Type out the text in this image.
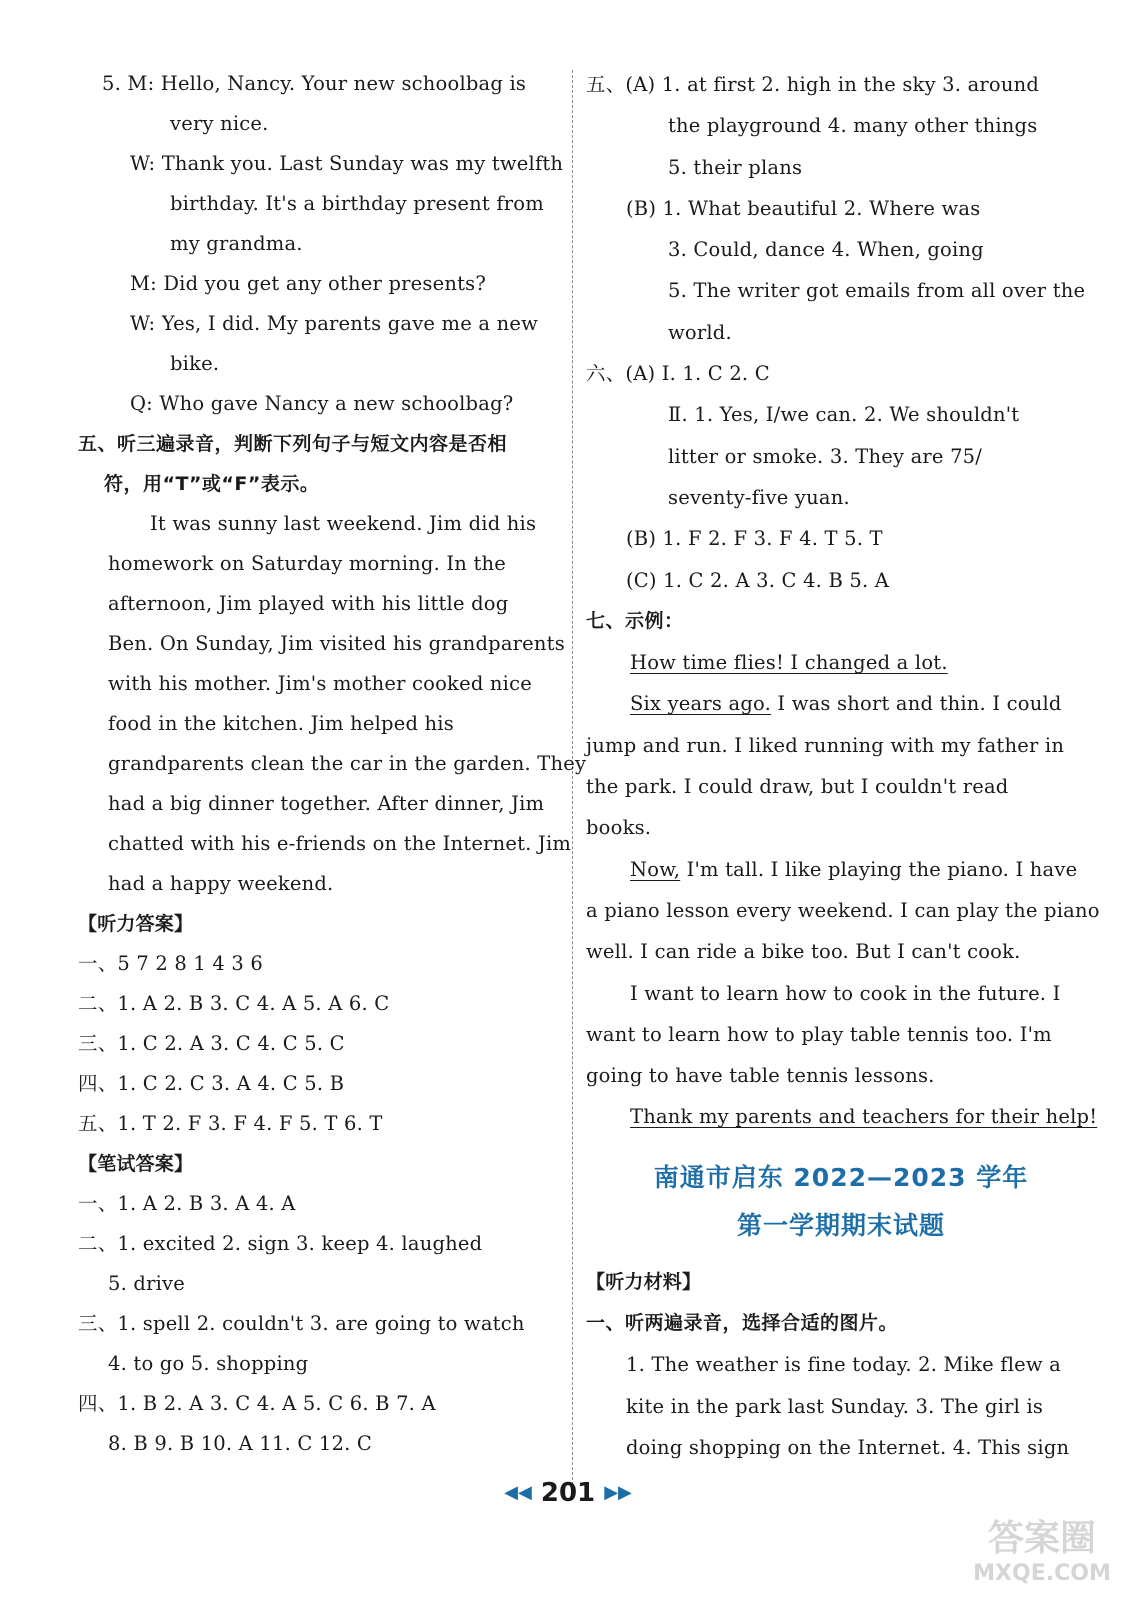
5. M: Hello, Nancy. Your new schoolbag is
very nice.
W: Thank you. Last Sunday was my twelfth
birthday. It's a birthday present from
my grandma.
M: Did you get any other presents?
W: Yes, I did. My parents gave me a new
bike.
Q: Who gave Nancy a new schoolbag?
五、听三遍录音，判断下列句子与短文内容是否相
符，用“T”或“F”表示。
It was sunny last weekend. Jim did his
homework on Saturday morning. In the
afternoon, Jim played with his little dog
Ben. On Sunday, Jim visited his grandparents
with his mother. Jim's mother cooked nice
food in the kitchen. Jim helped his
grandparents clean the car in the garden. They
had a big dinner together. After dinner, Jim
chatted with his e-friends on the Internet. Jim
had a happy weekend.
【听力答案】
一、5 7 2 8 1 4 3 6
二、1. A 2. B 3. C 4. A 5. A 6. C
三、1. C 2. A 3. C 4. C 5. C
四、1. C 2. C 3. A 4. C 5. B
五、1. T 2. F 3. F 4. F 5. T 6. T
【笔试答案】
一、1. A 2. B 3. A 4. A
二、1. excited 2. sign 3. keep 4. laughed
5. drive
三、1. spell 2. couldn't 3. are going to watch
4. to go 5. shopping
四、1. B 2. A 3. C 4. A 5. C 6. B 7. A
8. B 9. B 10. A 11. C 12. C
五、(A) 1. at first 2. high in the sky 3. around
the playground 4. many other things
5. their plans
(B) 1. What beautiful 2. Where was
3. Could, dance 4. When, going
5. The writer got emails from all over the
world.
六、(A) Ⅰ. 1. C 2. C
Ⅱ. 1. Yes, I/we can. 2. We shouldn't
litter or smoke. 3. They are 75/
seventy-five yuan.
(B) 1. F 2. F 3. F 4. T 5. T
(C) 1. C 2. A 3. C 4. B 5. A
七、示例：
How time flies! I changed a lot.
Six years ago. I was short and thin. I could
jump and run. I liked running with my father in
the park. I could draw, but I couldn't read
books.
Now, I'm tall. I like playing the piano. I have
a piano lesson every weekend. I can play the piano
well. I can ride a bike too. But I can't cook.
I want to learn how to cook in the future. I
want to learn how to play table tennis too. I'm
going to have table tennis lessons.
Thank my parents and teachers for their help!
南通市启东 2022—2023 学年
第一学期期末试题
【听力材料】
一、听两遍录音，选择合适的图片。
1. The weather is fine today. 2. Mike flew a
kite in the park last Sunday. 3. The girl is
doing shopping on the Internet. 4. This sign
◀◀ 201 ▶▶
答案圈
MXQE.COM
